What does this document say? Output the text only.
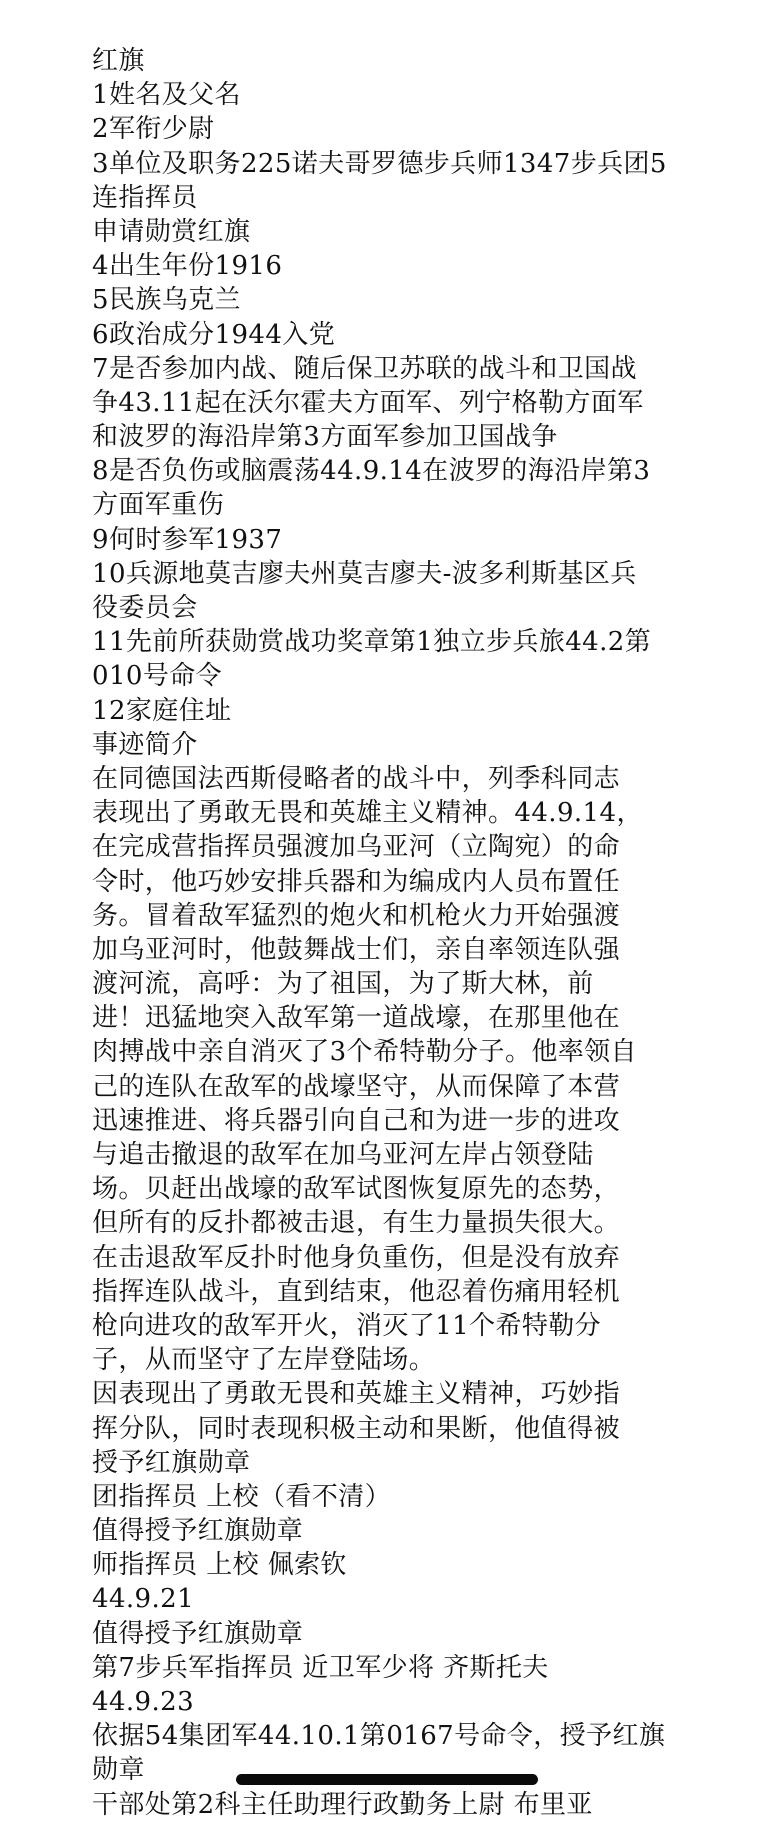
红旗
1姓名及父名
2军衔少尉
3单位及职务225诺夫哥罗德步兵师1347步兵团5
连指挥员
申请勋赏红旗
4出生年份1916
5民族乌克兰
6政治成分1944入党
7是否参加内战、随后保卫苏联的战斗和卫国战
争43.11起在沃尔霍夫方面军、列宁格勒方面军
和波罗的海沿岸第3方面军参加卫国战争
8是否负伤或脑震荡44.9.14在波罗的海沿岸第3
方面军重伤
9何时参军1937
10兵源地莫吉廖夫州莫吉廖夫-波多利斯基区兵
役委员会
11先前所获勋赏战功奖章第1独立步兵旅44.2第
010号命令
12家庭住址
事迹简介
在同德国法西斯侵略者的战斗中，列季科同志
表现出了勇敢无畏和英雄主义精神。44.9.14，
在完成营指挥员强渡加乌亚河（立陶宛）的命
令时，他巧妙安排兵器和为编成内人员布置任
务。冒着敌军猛烈的炮火和机枪火力开始强渡
加乌亚河时，他鼓舞战士们，亲自率领连队强
渡河流，高呼：为了祖国，为了斯大林，前
进！迅猛地突入敌军第一道战壕，在那里他在
肉搏战中亲自消灭了3个希特勒分子。他率领自
己的连队在敌军的战壕坚守，从而保障了本营
迅速推进、将兵器引向自己和为进一步的进攻
与追击撤退的敌军在加乌亚河左岸占领登陆
场。贝赶出战壕的敌军试图恢复原先的态势，
但所有的反扑都被击退，有生力量损失很大。
在击退敌军反扑时他身负重伤，但是没有放弃
指挥连队战斗，直到结束，他忍着伤痛用轻机
枪向进攻的敌军开火，消灭了11个希特勒分
子，从而坚守了左岸登陆场。
因表现出了勇敢无畏和英雄主义精神，巧妙指
挥分队，同时表现积极主动和果断，他值得被
授予红旗勋章
团指挥员 上校（看不清）
值得授予红旗勋章
师指挥员 上校 佩索钦
44.9.21
值得授予红旗勋章
第7步兵军指挥员 近卫军少将 齐斯托夫
44.9.23
依据54集团军44.10.1第0167号命令，授予红旗
勋章
干部处第2科主任助理行政勤务上尉 布里亚
